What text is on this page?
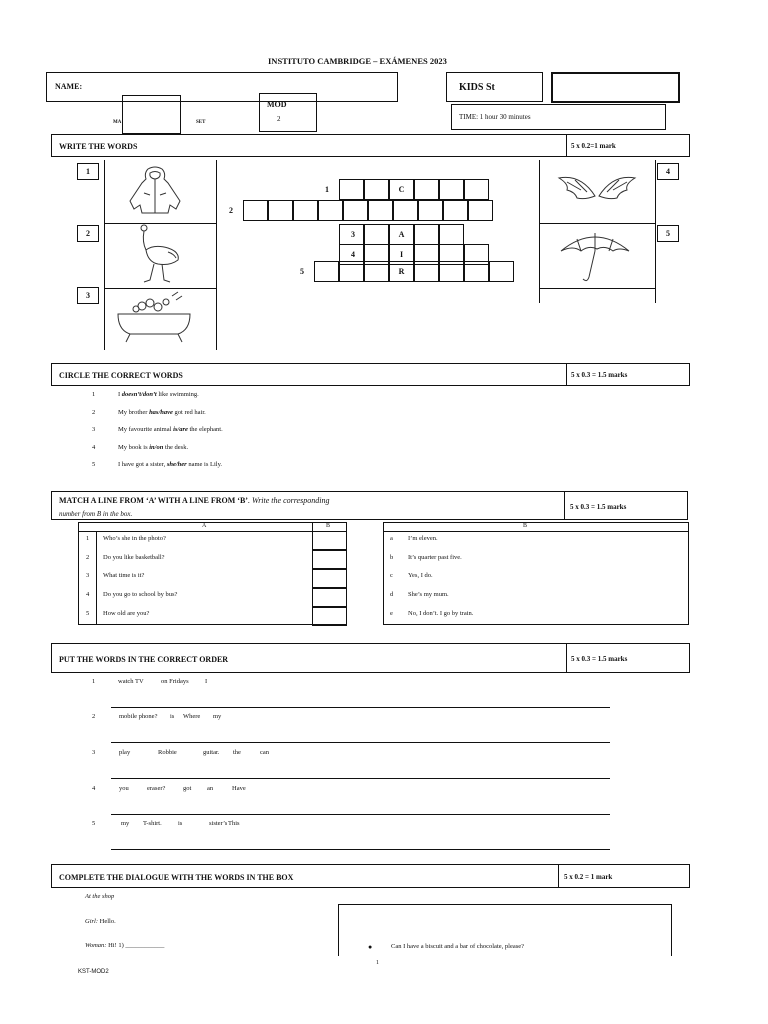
INSTITUTO CAMBRIDGE – EXÁMENES 2023
NAME:	KIDS St
MA	SET
MOD
2	TIME: 1 hour 30 minutes
WRITE THE WORDS	5 x 0.2=1 mark
1
2
3
4
5
C
1
2
A
3
I
4
R
5
CIRCLE THE CORRECT WORDS	5 x 0.3 = 1.5 marks
1	I doesn’t/don’t like swimming.
2	My brother has/have got red hair.
3	My favourite animal is/are the elephant.
4	My book is in/on the desk.
5	I have got a sister, she/her name is Lily.
MATCH A LINE FROM ‘A’ WITH A LINE FROM ‘B’. Write the corresponding
number from B in the box.
5 x 0.3 = 1.5 marks
A	B	B
1 Who’s she in the photo?
2 Do you like basketball?
3 What time is it?
4 Do you go to school by bus?
5 How old are you?
a I’m eleven.
b It’s quarter past five.
c Yes, I do.
d She’s my mum.
e No, I don’t. I go by train.
PUT THE WORDS IN THE CORRECT ORDER	5 x 0.3 = 1.5 marks
1	watch TV	on Fridays	I
2	mobile phone? is Where my
3	play	Robbie	guitar. the	can
4	you	eraser?	got an	Have
5	my T-shirt.	is	sister’s This
COMPLETE THE DIALOGUE WITH THE WORDS IN THE BOX	5 x 0.2 = 1 mark
At the shop
Girl: Hello.
Woman: Hi! 1) ____________	●	Can I have a biscuit and a bar of chocolate, please?
1
KST-MOD2
